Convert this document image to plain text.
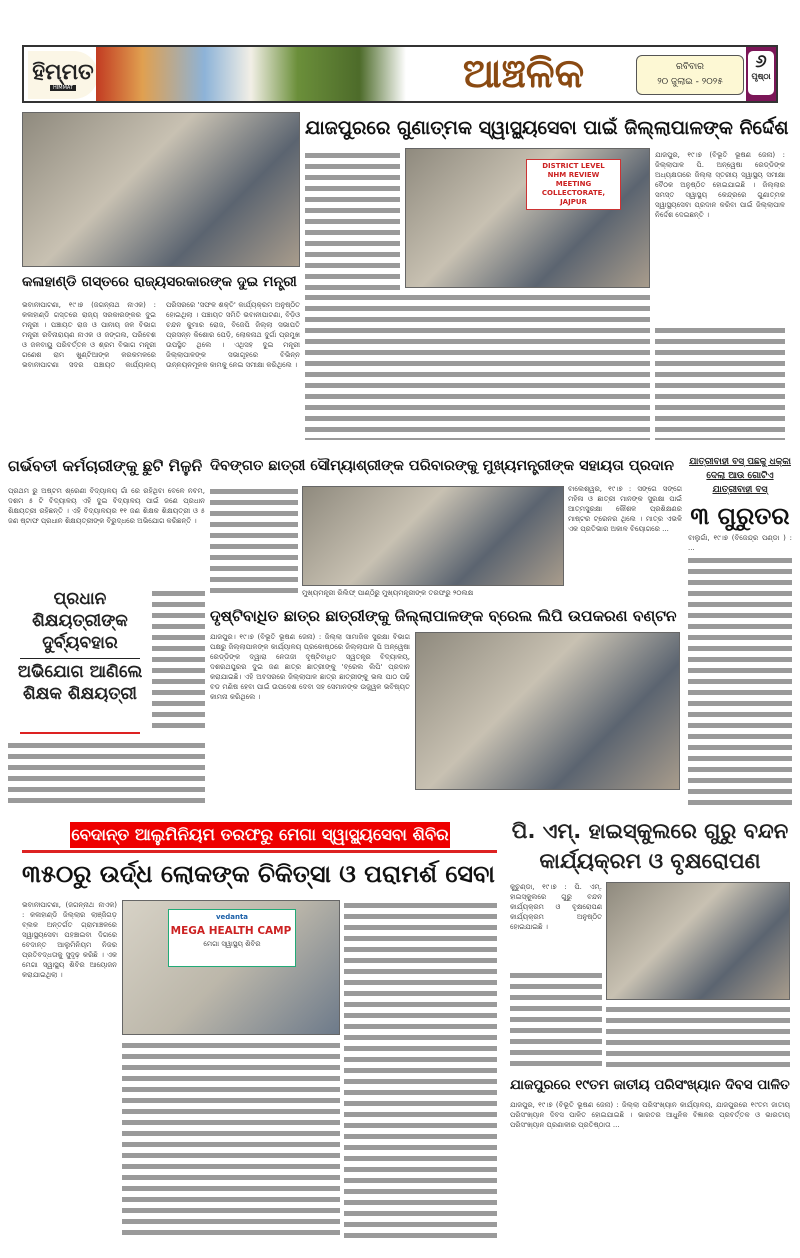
ହିମ୍ମତ
HIMMAT	ଆଞ୍ଚଳିକ	ରବିବାର
୨୦ ଜୁଲାଇ - ୨୦୨୫
୬
ପୃଷ୍ଠା
ଯାଜପୁରରେ ଗୁଣାତ୍ମକ ସ୍ୱାସ୍ଥ୍ୟସେବା ପାଇଁ ଜିଲ୍ଲାପାଳଙ୍କ ନିର୍ଦ୍ଦେଶ
DISTRICT LEVEL
NHM REVIEW MEETING
COLLECTORATE, JAJPUR
ଯାଜପୁର, ୧୯।୭ (ବିଭୂତି ଭୂଷଣ ଜେନା) : ଜିଲ୍ଲାପାଳ ପି. ଅନ୍ୱେଷା ରେଡ୍ଡିଙ୍କ ଅଧ୍ୟକ୍ଷତାରେ ଜିଲ୍ଲା ସ୍ତରୀୟ ସ୍ୱାସ୍ଥ୍ୟ ସମୀକ୍ଷା ବୈଠକ ଅନୁଷ୍ଠିତ ହୋଇଯାଇଛି । ଜିଲ୍ଲାର ସମସ୍ତ ସ୍ୱାସ୍ଥ୍ୟ କେନ୍ଦ୍ରରେ ଗୁଣାତ୍ମକ ସ୍ୱାସ୍ଥ୍ୟସେବା ପ୍ରଦାନ କରିବା ପାଇଁ ଜିଲ୍ଲାପାଳ ନିର୍ଦ୍ଦେଶ ଦେଇଛନ୍ତି ।
କଳାହାଣ୍ଡି ଗସ୍ତରେ ରାଜ୍ୟସରକାରଙ୍କ ଦୁଇ ମନ୍ତ୍ରୀ
ଭବାନୀପାଟଣା, ୧୯।୭ (ଜଗନ୍ନାଥ ନାଏକ) : କଳାହାଣ୍ଡି ଗସ୍ତରେ ରାଜ୍ୟ ସରକାରଙ୍କର ଦୁଇ ମନ୍ତ୍ରୀ । ପଞ୍ଚାୟତ ରାଜ ଓ ପାନୀୟ ଜଳ ବିଭାଗ ମନ୍ତ୍ରୀ ରବିନାରାୟଣ ନାଏକ ଓ ଜଙ୍ଗଲ, ପରିବେଶ ଓ ଜଳବାୟୁ ପରିବର୍ତ୍ତନ ଓ ଶ୍ରମ ବିଭାଗ ମନ୍ତ୍ରୀ ଗଣେଶ ରାମ ଖୁଣ୍ଟିଆଙ୍କ କରକମଳରେ ଭବାନୀପାଟଣା ସଦର ପଞ୍ଚାୟତ କାର୍ଯ୍ୟାଳୟ ପରିସରରେ 'ସଫଳ ଶକ୍ତି' କାର୍ଯ୍ୟକ୍ରମ ଅନୁଷ୍ଠିତ ହୋଇଥିଲା । ପଞ୍ଚାୟତ ସମିତି ଭବାନୀପାଟଣା, ବିଡ଼ିଓ ଚନ୍ଦନ କୁମାର ରୋଜ, ବିଜେପି ଜିଲ୍ଲା ସଭାପତି ପ୍ରସନ୍ନ କିଶୋର ପେଡ଼ି, ଲୋକନାଥ ଦୁର୍ଗା ପ୍ରମୁଖ ଉପସ୍ଥିତ ଥିଲେ । ଏଥିସହ ଦୁଇ ମନ୍ତ୍ରୀ ଜିଲ୍ଲାପାଳଙ୍କ ସଭାଗୃହରେ ବିଭିନ୍ନ ଉନ୍ନୟନମୂଳକ କାମକୁ ନେଇ ସମୀକ୍ଷା କରିଥିଲେ ।
ଗର୍ଭବତୀ କର୍ମଚାରୀଙ୍କୁ ଛୁଟି ମିଳୁନି ଦିବଙ୍ଗତ ଛାତ୍ରୀ ସୌମ୍ୟାଶ୍ରୀଙ୍କ ପରିବାରଙ୍କୁ ମୁଖ୍ୟମନ୍ତ୍ରୀଙ୍କ ସହାୟତା ପ୍ରଦାନ	ଯାତ୍ରୀବାହୀ ବସ୍ ପଛକୁ ଧକ୍କା ଦେଲା ଆଉ ଗୋଟିଏ ଯାତ୍ରୀବାହୀ ବସ୍
୩ ଗୁରୁତର
ବାଲୁଗାଁ, ୧୯।୭ (ବିଜେନ୍ଦ୍ର ପଣ୍ଡା ) : ...
ପ୍ରଥମ ରୁ ଅଷ୍ଟମ ଶ୍ରେଣୀ ବିଦ୍ୟାଳୟ ଗାଁ ରେ ରହିଥିବା ବେଳେ ନବମ, ଦଶମ ୫ ଟି ବିଦ୍ୟାଳୟ ଏହି ଦୁଇ ବିଦ୍ୟାଳୟ ପାଇଁ ଜଣେ ପ୍ରଧାନ ଶିକ୍ଷୟତ୍ରୀ ରହିଛନ୍ତି । ଏହି ବିଦ୍ୟାଳୟର ୧୧ ଜଣ ଶିକ୍ଷକ ଶିକ୍ଷୟତ୍ରୀ ଓ ୫ ଜଣ ଷ୍ଟାଫ ପ୍ରଧାନ ଶିକ୍ଷୟତ୍ରୀଙ୍କ ବିରୁଦ୍ଧରେ ଅଭିଯୋଗ କରିଛନ୍ତି ।
ପ୍ରଧାନ ଶିକ୍ଷୟତ୍ରୀଙ୍କ ଦୁର୍ବ୍ୟବହାର
ଅଭିଯୋଗ ଆଣିଲେ ଶିକ୍ଷକ ଶିକ୍ଷୟତ୍ରୀ
ମୁଖ୍ୟମନ୍ତ୍ରୀ ରିଲିଫ୍ ପାଣ୍ଠିରୁ ମୁଖ୍ୟମନ୍ତ୍ରୀଙ୍କ ତରଫରୁ ୨୦ଲକ୍ଷ
ବାଲେଶ୍ୱର, ୧୯।୭ : ସଙ୍ଗେ ସଙ୍ଗେ ମହିଳା ଓ ଛାତ୍ରୀ ମାନଙ୍କ ସୁରକ୍ଷା ପାଇଁ ଆତ୍ମସୁରକ୍ଷା କୌଶଳ ପ୍ରଶିକ୍ଷଣର ମାଷ୍ଟର ଟ୍ରେନର ଥିଲେ । ମାତ୍ର ଏଭଳି ଏକ ପ୍ରତିଭାର ଅକାଳ ବିୟୋଗରେ ...
ଦୃଷ୍ଟିବାଧିତ ଛାତ୍ର ଛାତ୍ରୀଙ୍କୁ ଜିଲ୍ଲାପାଳଙ୍କ ବ୍ରେଲ ଲିପି ଉପକରଣ ବଣ୍ଟନ
ଯାଜପୁର। ୧୯।୭ (ବିଭୂତି ଭୂଷଣ ଜେନା) : ଜିଲ୍ଲା ସାମାଜିକ ସୁରକ୍ଷା ବିଭାଗ ପକ୍ଷରୁ ଜିଲ୍ଲାପାଳଙ୍କ କାର୍ଯ୍ୟାଳୟ ପ୍ରକୋଷ୍ଠରେ ଜିଲ୍ଲାପାଳ ପି ଅନ୍ୱେଷା ରେଡ୍ଡିଙ୍କ ଦ୍ୱାରା ନେତାଜୀ ଦୃଷ୍ଟିବାଧିତ ସ୍ୱତନ୍ତ୍ର ବିଦ୍ୟାଳୟ, ଦଶରଥପୁରର ଦୁଇ ଜଣ ଛାତ୍ର ଛାତ୍ରୀଙ୍କୁ 'ବ୍ରେଲ ଲିପି' ପ୍ରଦାନ କରାଯାଇଛି। ଏହି ଅବସରରେ ଜିଲ୍ଲାପାଳ ଛାତ୍ର ଛାତ୍ରୀଙ୍କୁ ଭଲ ପାଠ ପଢି ବଡ ମଣିଷ ହେବା ପାଇଁ ଉପଦେଶ ଦେବା ସହ ସେମାନଙ୍କ ଉଜ୍ଜ୍ୱଳ ଭବିଷ୍ୟତ କାମନା କରିଥିଲେ ।
ବେଦାନ୍ତ ଆଲୁମିନିୟମ ତରଫରୁ ମେଗା ସ୍ୱାସ୍ଥ୍ୟସେବା ଶିବିର
୩୫୦ରୁ ଉର୍ଦ୍ଧ ଲୋକଙ୍କ ଚିକିତ୍ସା ଓ ପରାମର୍ଶ ସେବା
ଭବାନୀପାଟଣା, (ଜଗନ୍ନାଥ ନାଏକ) : କଳାହାଣ୍ଡି ଜିଲ୍ଲାର ଲାଞ୍ଜିଗଡ଼ ବ୍ଲକ ଅନ୍ତର୍ଗତ ଗ୍ରାମାଞ୍ଚଳରେ ସ୍ୱାସ୍ଥ୍ୟସେବା ପହଞ୍ଚାଇବା ଦିଗରେ ବେଦାନ୍ତ ଆଲୁମିନିୟମ ନିଜର ପ୍ରତିବଦ୍ଧତାକୁ ସୁଦୃଢ଼ କରିଛି । ଏକ ମେଗା ସ୍ୱାସ୍ଥ୍ୟ ଶିବିର ଆୟୋଜନ କରାଯାଇଥିଲା ।
vedanta
MEGA HEALTH CAMP
ମେଗା ସ୍ୱାସ୍ଥ୍ୟ ଶିବିର
ପି. ଏମ୍. ହାଇସ୍କୁଲରେ ଗୁରୁ ବନ୍ଦନ କାର୍ଯ୍ୟକ୍ରମ ଓ ବୃକ୍ଷରୋପଣ
କୁଚୁଣ୍ଡା, ୧୯।୭ : ପି. ଏମ୍. ହାଇସ୍କୁଲରେ ଗୁରୁ ବନ୍ଦନ କାର୍ଯ୍ୟକ୍ରମ ଓ ବୃକ୍ଷରୋପଣ କାର୍ଯ୍ୟକ୍ରମ ଅନୁଷ୍ଠିତ ହୋଇଯାଇଛି ।
ଯାଜପୁରରେ ୧୯ତମ ଜାତୀୟ ପରିସଂଖ୍ୟାନ ଦିବସ ପାଳିତ
ଯାଜପୁର, ୧୯।୭ (ବିଭୂତି ଭୂଷଣ ଜେନା) : ଜିଲ୍ଲା ପରିସଂଖ୍ୟାନ କାର୍ଯ୍ୟାଳୟ, ଯାଜପୁରରେ ୧୯ତମ ଜାତୀୟ ପରିସଂଖ୍ୟାନ ଦିବସ ପାଳିତ ହୋଇଯାଇଛି । ଭାରତର ଆଧୁନିକ ବିଜ୍ଞାନର ପ୍ରବର୍ତ୍ତକ ଓ ଭାରତୀୟ ପରିସଂଖ୍ୟାନ ପ୍ରଣାଳୀର ପ୍ରତିଷ୍ଠାତା ...
